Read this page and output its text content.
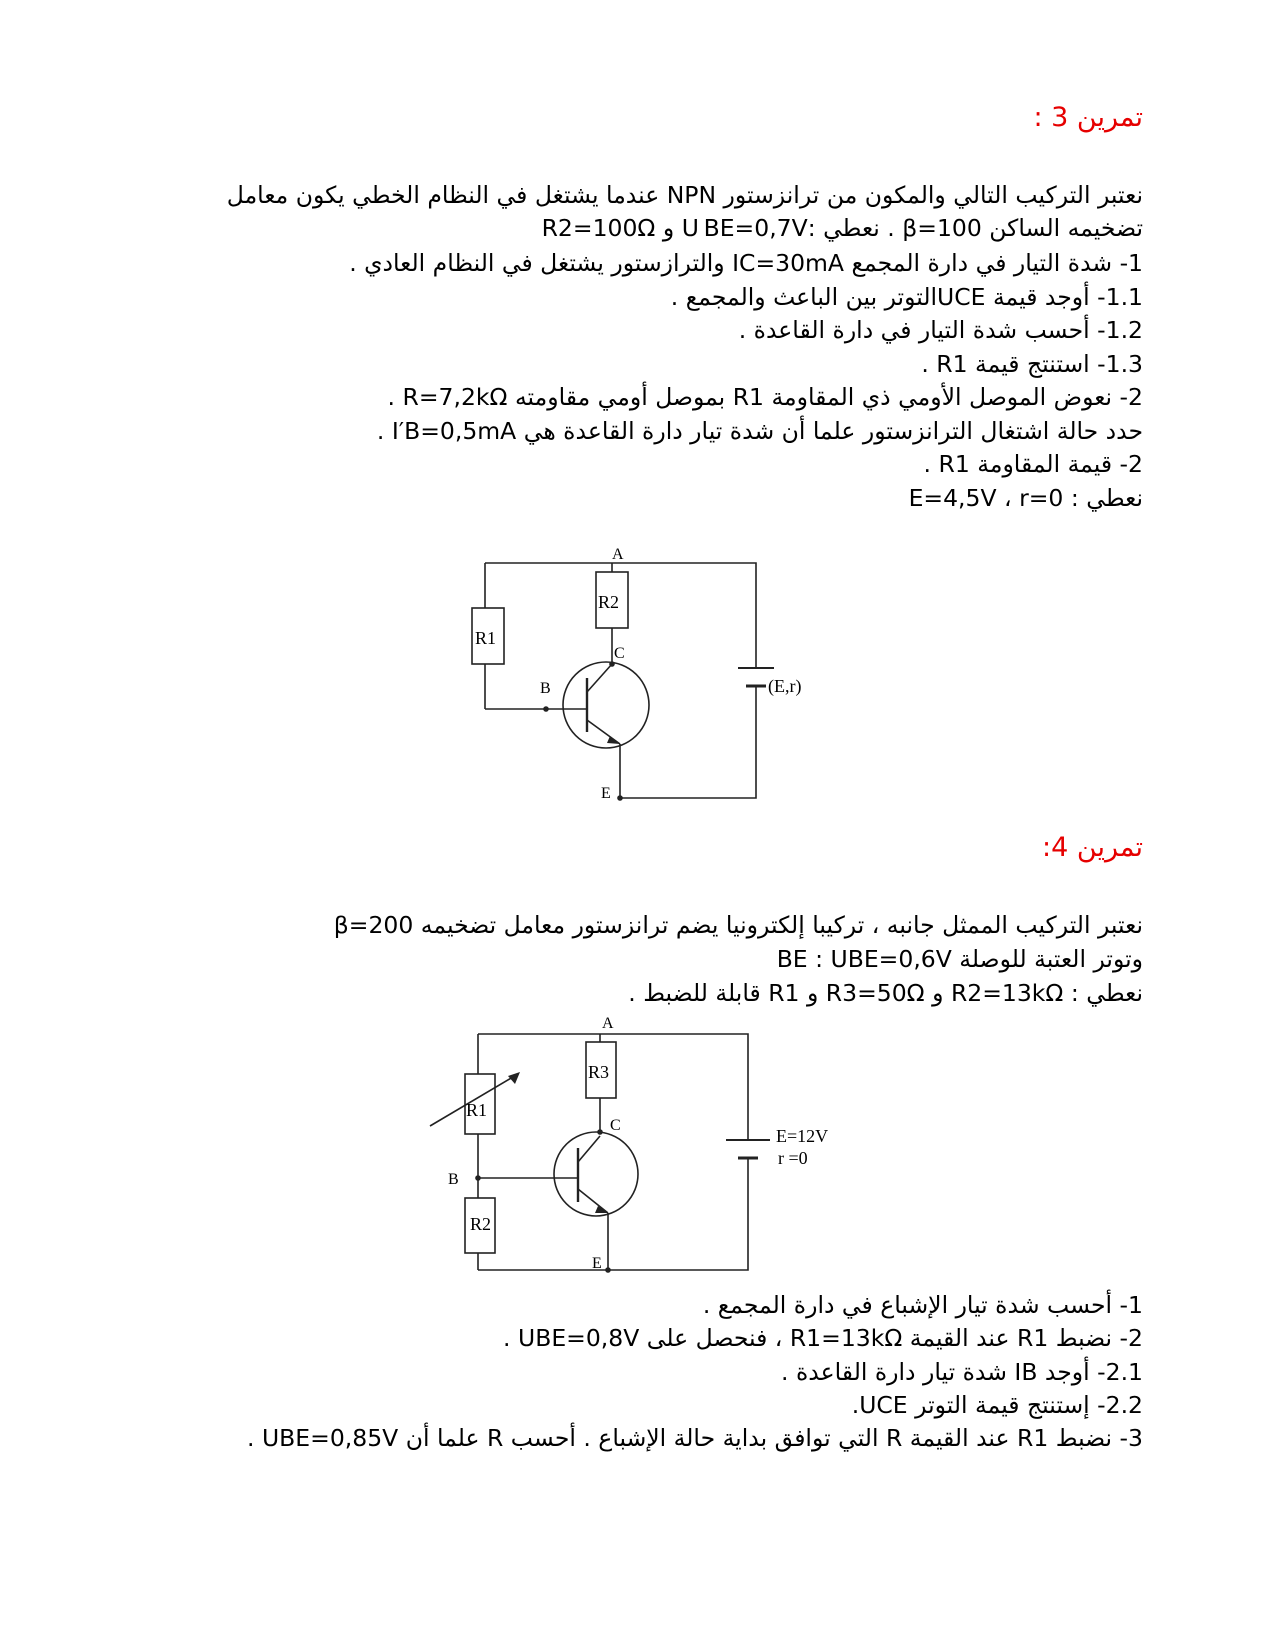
تمرين 3 :
نعتبر التركيب التالي والمكون من ترانزستور NPN عندما يشتغل في النظام الخطي يكون معامل
تضخيمه الساكن β=100 . نعطي :U BE=0,7V و R2=100Ω
1- شدة التيار في دارة المجمع IC=30mA والترازستور يشتغل في النظام العادي .
1.1- أوجد قيمة UCEالتوتر بين الباعث والمجمع .
1.2- أحسب شدة التيار في دارة القاعدة .
1.3- استنتج قيمة R1 .
2- نعوض الموصل الأومي ذي المقاومة R1 بموصل أومي مقاومته R=7,2kΩ .
حدد حالة اشتغال الترانزستور علما أن شدة تيار دارة القاعدة هي I′B=0,5mA .
2- قيمة المقاومة R1 .
نعطي : E=4,5V ، r=0
A
B
C
E
R1
R2
(E,r)
تمرين 4:
نعتبر التركيب الممثل جانبه ، تركيبا إلكترونيا يضم ترانزستور معامل تضخيمه β=200
وتوتر العتبة للوصلة BE : UBE=0,6V
نعطي : R2=13kΩ و R3=50Ω و R1 قابلة للضبط .
A
B
C
E
R1
R2
R3
E=12V
r =0
1- أحسب شدة تيار الإشباع في دارة المجمع .
2- نضبط R1 عند القيمة R1=13kΩ ، فنحصل على UBE=0,8V .
2.1- أوجد IB شدة تيار دارة القاعدة .
2.2- إستنتج قيمة التوتر UCE.
3- نضبط R1 عند القيمة R التي توافق بداية حالة الإشباع . أحسب R علما أن UBE=0,85V .
